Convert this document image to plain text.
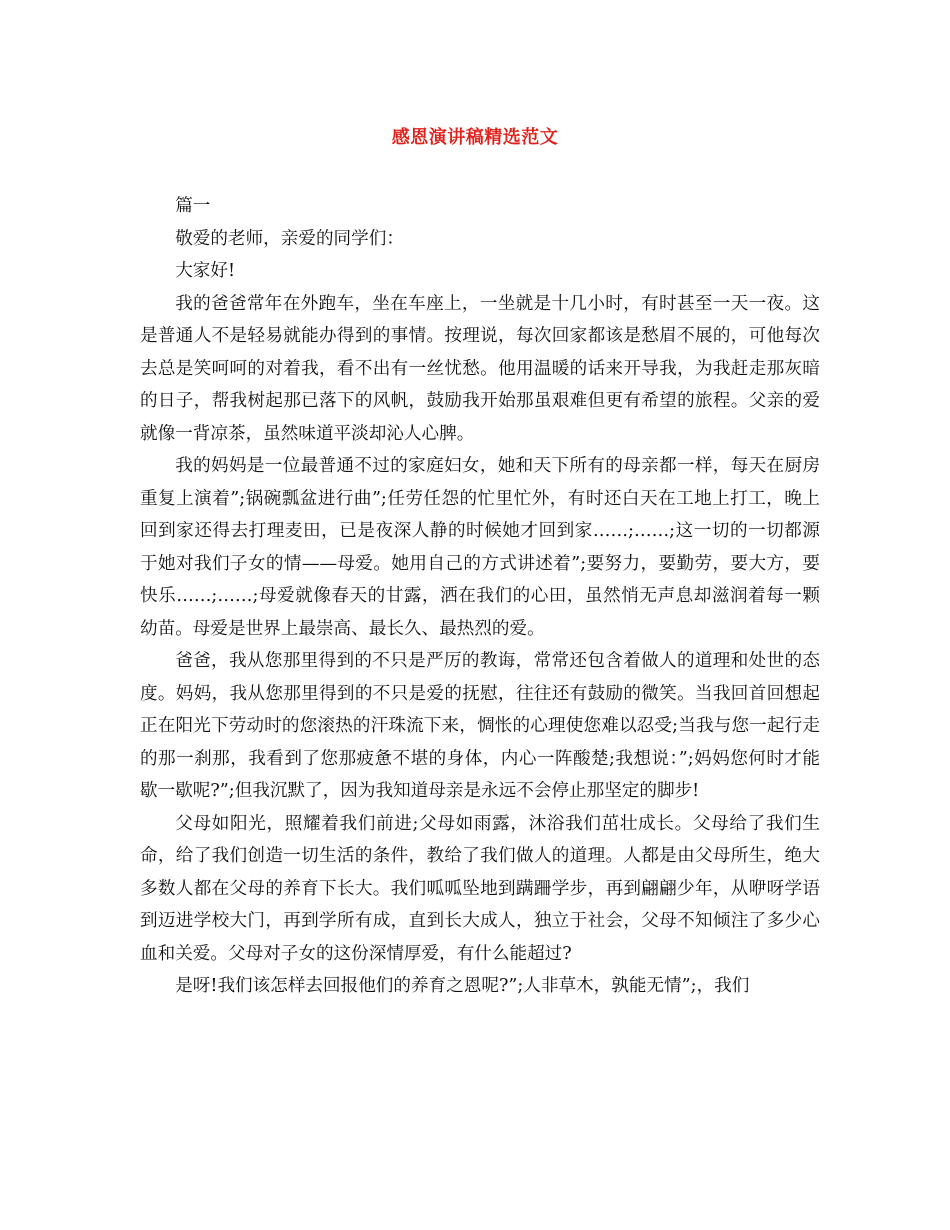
感恩演讲稿精选范文

篇一

敬爱的老师，亲爱的同学们：

大家好!

我的爸爸常年在外跑车，坐在车座上，一坐就是十几小时，有时甚至一天一夜。这是普通人不是轻易就能办得到的事情。按理说，每次回家都该是愁眉不展的，可他每次去总是笑呵呵的对着我，看不出有一丝忧愁。他用温暖的话来开导我，为我赶走那灰暗的日子，帮我树起那已落下的风帆，鼓励我开始那虽艰难但更有希望的旅程。父亲的爱就像一背凉茶，虽然味道平淡却沁人心脾。

我的妈妈是一位最普通不过的家庭妇女，她和天下所有的母亲都一样，每天在厨房重复上演着”;锅碗瓢盆进行曲”;任劳任怨的忙里忙外，有时还白天在工地上打工，晚上回到家还得去打理麦田，已是夜深人静的时候她才回到家……;……;这一切的一切都源于她对我们子女的情——母爱。她用自己的方式讲述着”;要努力，要勤劳，要大方，要快乐……;……;母爱就像春天的甘露，洒在我们的心田，虽然悄无声息却滋润着每一颗幼苗。母爱是世界上最崇高、最长久、最热烈的爱。

爸爸，我从您那里得到的不只是严厉的教诲，常常还包含着做人的道理和处世的态度。妈妈，我从您那里得到的不只是爱的抚慰，往往还有鼓励的微笑。当我回首回想起正在阳光下劳动时的您滚热的汗珠流下来，惆怅的心理使您难以忍受;当我与您一起行走的那一刹那，我看到了您那疲惫不堪的身体，内心一阵酸楚;我想说：”;妈妈您何时才能歇一歇呢?”;但我沉默了，因为我知道母亲是永远不会停止那坚定的脚步!

父母如阳光，照耀着我们前进;父母如雨露，沐浴我们茁壮成长。父母给了我们生命，给了我们创造一切生活的条件，教给了我们做人的道理。人都是由父母所生，绝大多数人都在父母的养育下长大。我们呱呱坠地到蹒跚学步，再到翩翩少年，从咿呀学语到迈进学校大门，再到学所有成，直到长大成人，独立于社会，父母不知倾注了多少心血和关爱。父母对子女的这份深情厚爱，有什么能超过?

是呀!我们该怎样去回报他们的养育之恩呢?”;人非草木，孰能无情”;，我们
